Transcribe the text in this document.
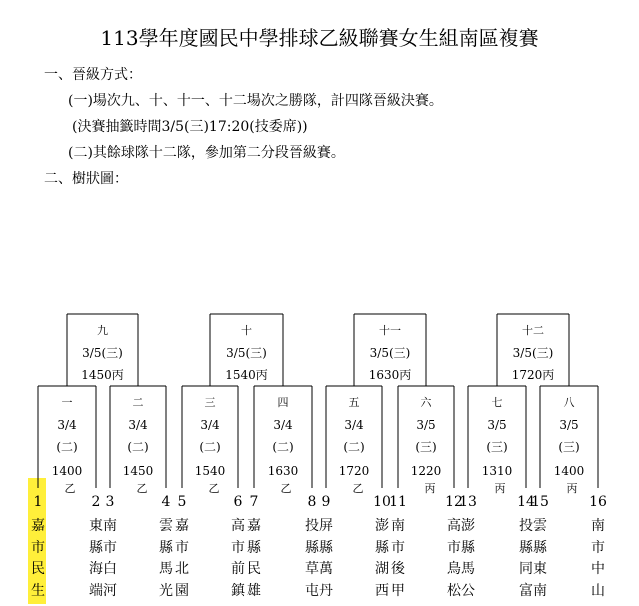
113學年度國民中學排球乙級聯賽女生組南區複賽
一、晉級方式：
(一)場次九、十、十一、十二場次之勝隊，計四隊晉級決賽。
(決賽抽籤時間3/5(三)17:20(技委席))
(二)其餘球隊十二隊，參加第二分段晉級賽。
二、樹狀圖：
一
3/4
(二)
1400
乙
二
3/4
(二)
1450
乙
三
3/4
(二)
1540
乙
四
3/4
(二)
1630
乙
五
3/4
(二)
1720
乙
六
3/5
(三)
1220
丙
七
3/5
(三)
1310
丙
八
3/5
(三)
1400
丙
九
3/5(三)
1450丙
十
3/5(三)
1540丙
十一
3/5(三)
1630丙
十二
3/5(三)
1720丙
1
嘉
市
民
生
2
東
縣
海
端
3
南
市
白
河
4
雲
縣
馬
光
5
嘉
市
北
園
6
高
市
前
鎮
7
嘉
縣
民
雄
8
投
縣
草
屯
9
屏
縣
萬
丹
10
澎
縣
湖
西
11
南
市
後
甲
12
高
市
鳥
松
13
澎
縣
馬
公
14
投
縣
同
富
15
雲
縣
東
南
16
南
市
中
山
